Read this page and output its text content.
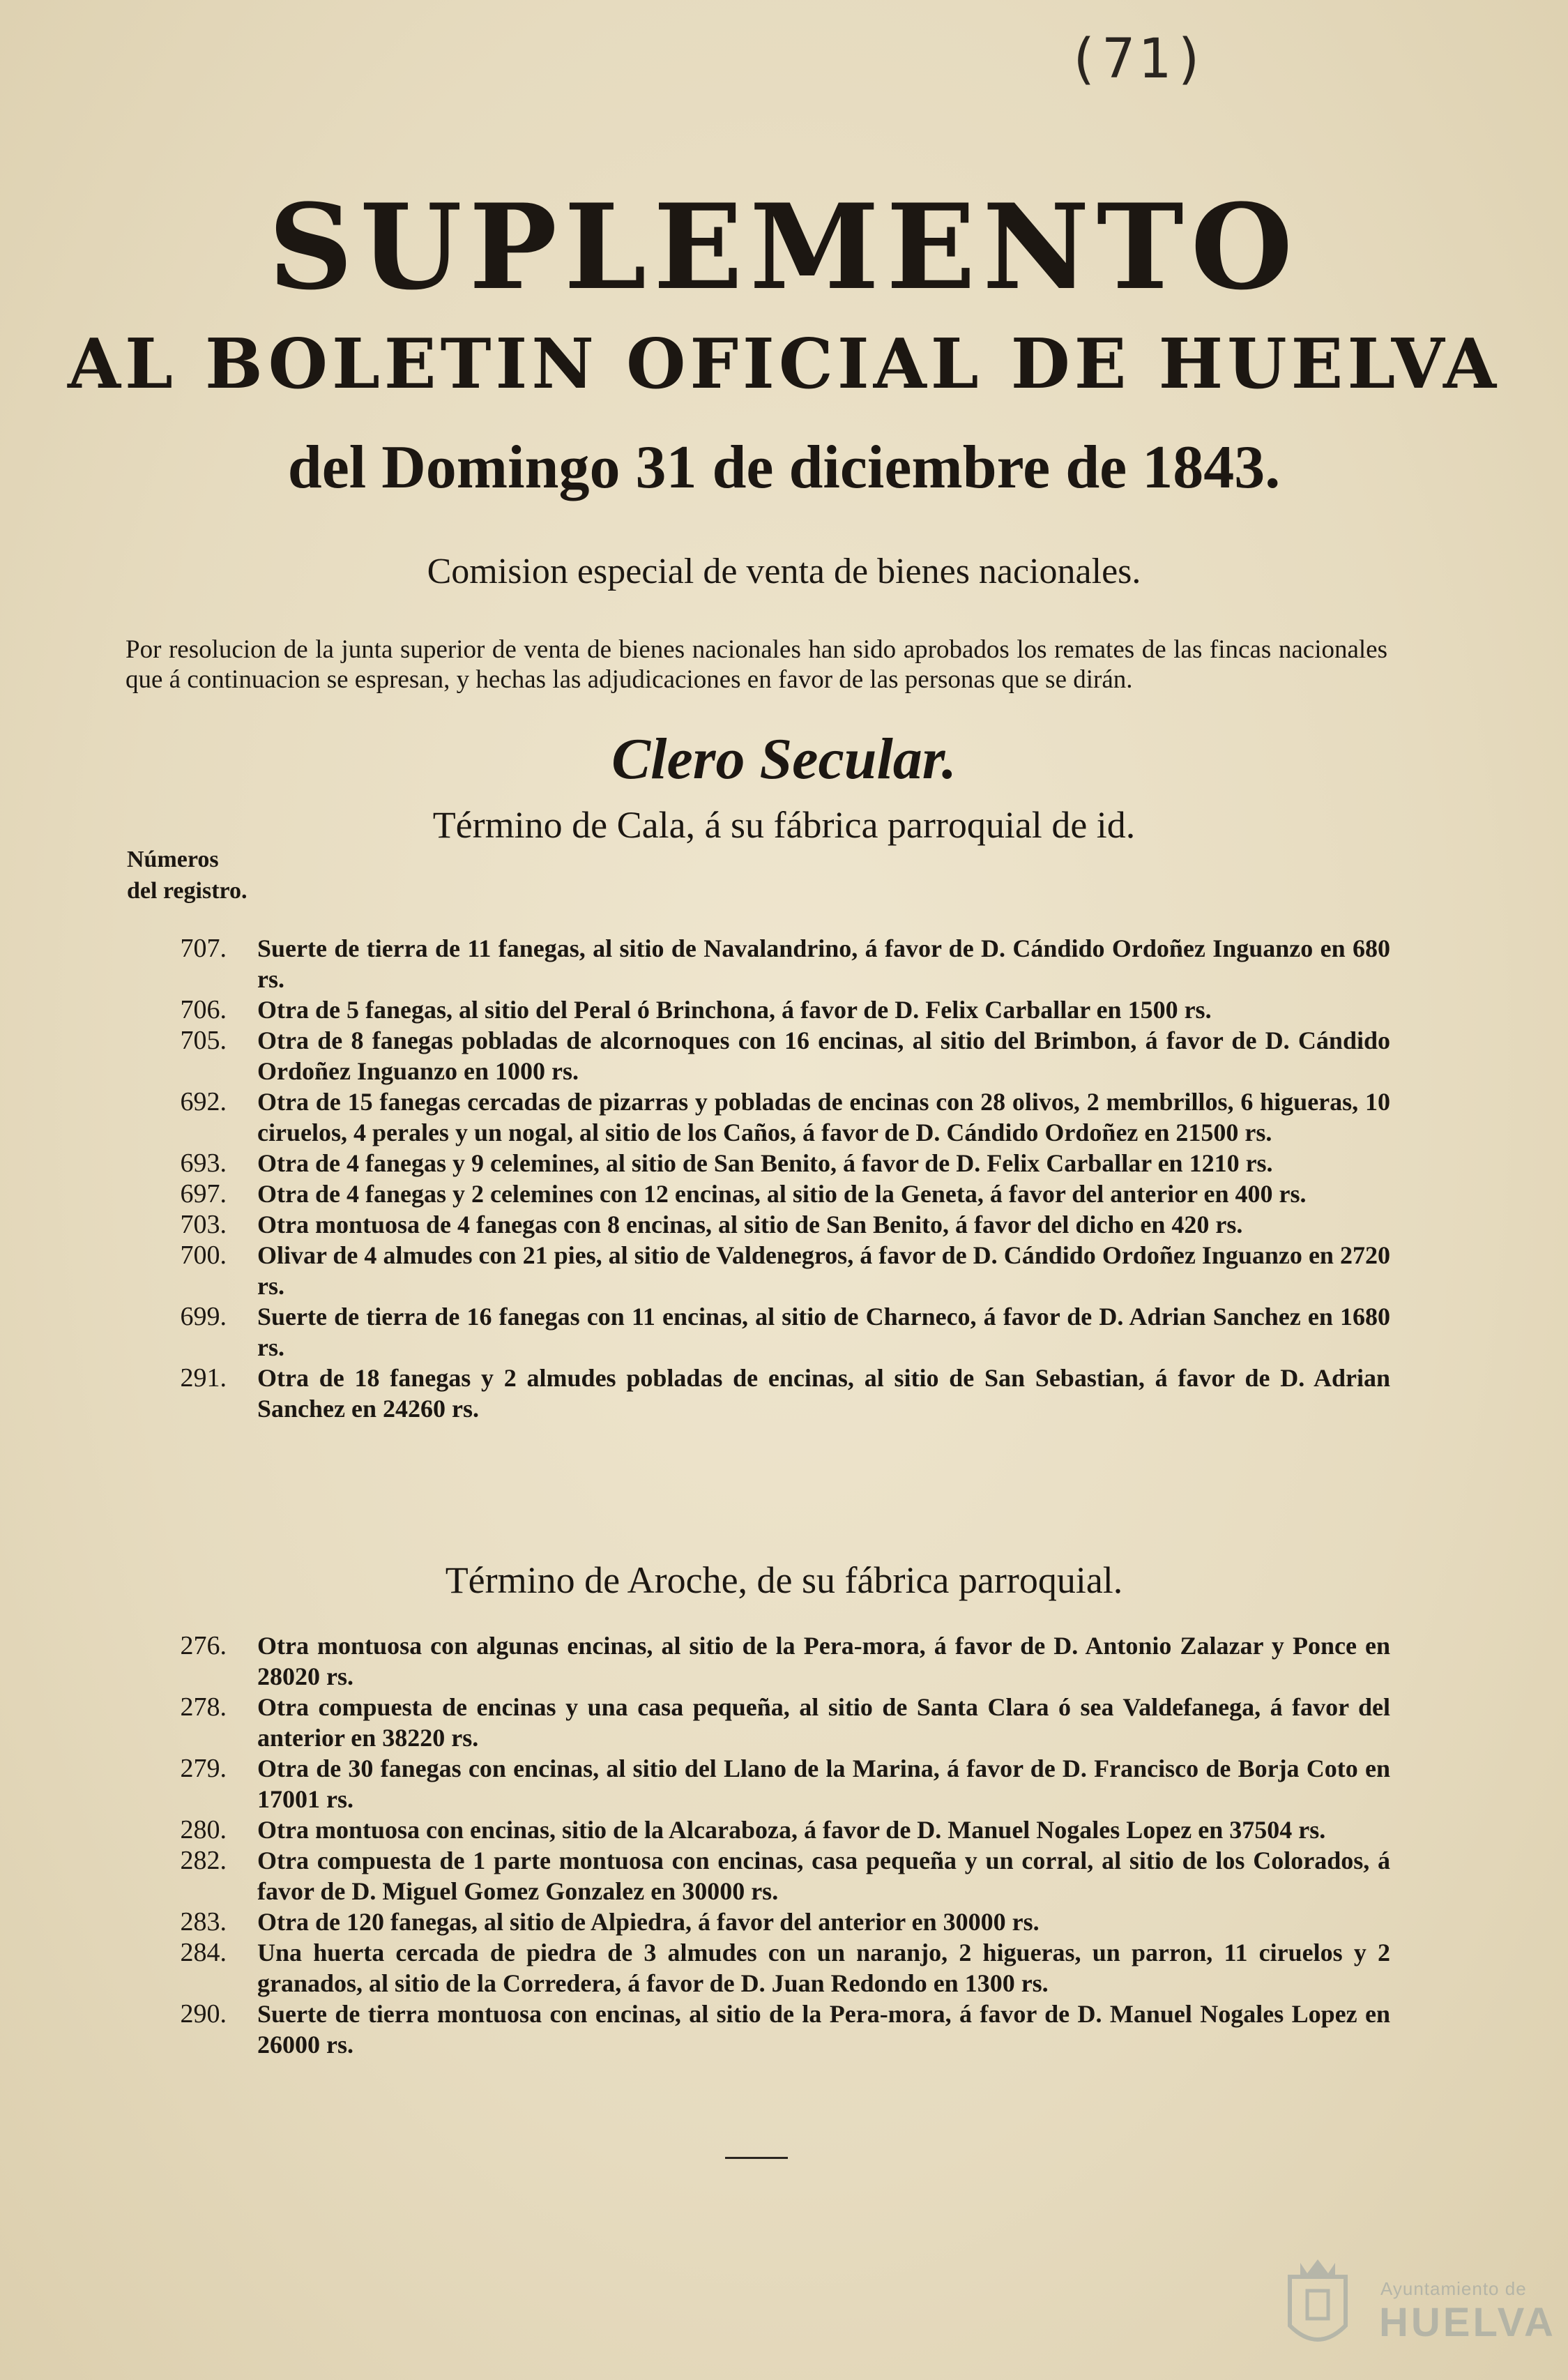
(71)
SUPLEMENTO
AL BOLETIN OFICIAL DE HUELVA
del Domingo 31 de diciembre de 1843.
Comision especial de venta de bienes nacionales.
Por resolucion de la junta superior de venta de bienes nacionales han sido aprobados los remates de las fincas nacionales que á continuacion se espresan, y hechas las adjudicaciones en favor de las personas que se dirán.
Clero Secular.
Término de Cala, á su fábrica parroquial de id.
Números
del registro.
707.	Suerte de tierra de 11 fanegas, al sitio de Navalandrino, á favor de D. Cándido Ordoñez Inguanzo en 680 rs.
706.	Otra de 5 fanegas, al sitio del Peral ó Brinchona, á favor de D. Felix Carballar en 1500 rs.
705.	Otra de 8 fanegas pobladas de alcornoques con 16 encinas, al sitio del Brimbon, á favor de D. Cándido Ordoñez Inguanzo en 1000 rs.
692.	Otra de 15 fanegas cercadas de pizarras y pobladas de encinas con 28 olivos, 2 membrillos, 6 higueras, 10 ciruelos, 4 perales y un nogal, al sitio de los Caños, á favor de D. Cándido Ordoñez en 21500 rs.
693.	Otra de 4 fanegas y 9 celemines, al sitio de San Benito, á favor de D. Felix Carballar en 1210 rs.
697.	Otra de 4 fanegas y 2 celemines con 12 encinas, al sitio de la Geneta, á favor del anterior en 400 rs.
703.	Otra montuosa de 4 fanegas con 8 encinas, al sitio de San Benito, á favor del dicho en 420 rs.
700.	Olivar de 4 almudes con 21 pies, al sitio de Valdenegros, á favor de D. Cándido Ordoñez Inguanzo en 2720 rs.
699.	Suerte de tierra de 16 fanegas con 11 encinas, al sitio de Charneco, á favor de D. Adrian Sanchez en 1680 rs.
291.	Otra de 18 fanegas y 2 almudes pobladas de encinas, al sitio de San Sebastian, á favor de D. Adrian Sanchez en 24260 rs.
Término de Aroche, de su fábrica parroquial.
276.	Otra montuosa con algunas encinas, al sitio de la Pera-mora, á favor de D. Antonio Zalazar y Ponce en 28020 rs.
278.	Otra compuesta de encinas y una casa pequeña, al sitio de Santa Clara ó sea Valdefanega, á favor del anterior en 38220 rs.
279.	Otra de 30 fanegas con encinas, al sitio del Llano de la Marina, á favor de D. Francisco de Borja Coto en 17001 rs.
280.	Otra montuosa con encinas, sitio de la Alcaraboza, á favor de D. Manuel Nogales Lopez en 37504 rs.
282.	Otra compuesta de 1 parte montuosa con encinas, casa pequeña y un corral, al sitio de los Colorados, á favor de D. Miguel Gomez Gonzalez en 30000 rs.
283.	Otra de 120 fanegas, al sitio de Alpiedra, á favor del anterior en 30000 rs.
284.	Una huerta cercada de piedra de 3 almudes con un naranjo, 2 higueras, un parron, 11 ciruelos y 2 granados, al sitio de la Corredera, á favor de D. Juan Redondo en 1300 rs.
290.	Suerte de tierra montuosa con encinas, al sitio de la Pera-mora, á favor de D. Manuel Nogales Lopez en 26000 rs.
Ayuntamiento de
HUELVA
